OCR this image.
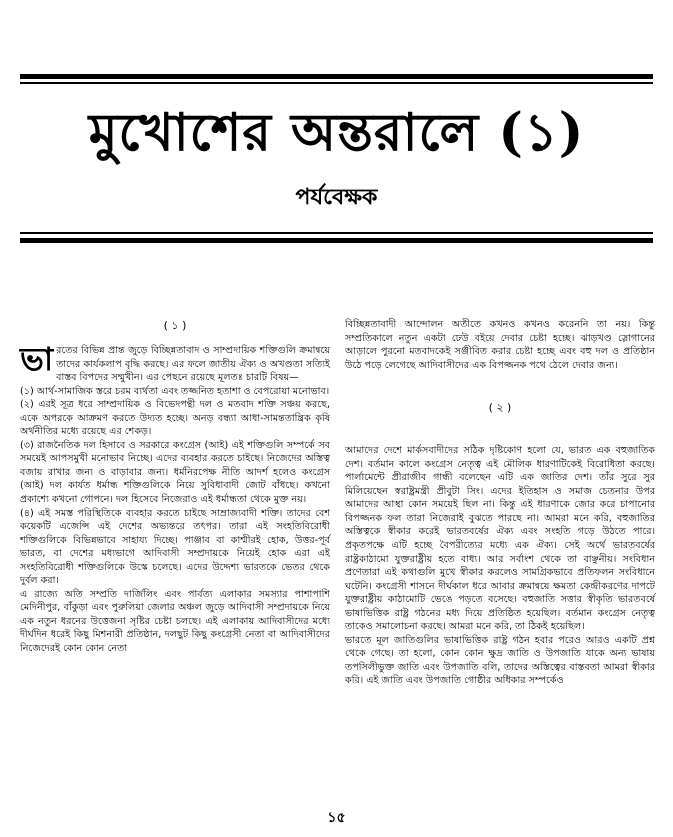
মুখোশের অন্তরালে (১)
পর্যবেক্ষক
( ১ )

ভারতের বিভিন্ন প্রান্ত জুড়ে বিচ্ছিন্নতাবাদ ও সাম্প্রদায়িক শক্তিগুলি ক্রমান্বয়ে তাদের কার্যকলাপ বৃদ্ধি করছে। এর ফলে জাতীয় ঐক্য ও অখণ্ডতা সত্যিই বাস্তব বিপদের সম্মুখীন। এর পেছনে রয়েছে মূলতঃ চারটি বিষয়—

(১) আর্থ-সামাজিক স্তরে চরম ব্যর্থতা এবং তজ্জনিত হতাশা ও বেপরোয়া মনোভাব।

(২) এরই সূত্র ধরে সাম্প্রদায়িক ও বিভেদপন্থী দল ও মতবাদ শক্তি সঞ্চয় করছে, একে অপরকে আক্রমণ করতে উদ্যত হচ্ছে। অনড় বন্ধ্যা আধা-সামন্ততান্ত্রিক কৃষি অর্থনীতির মধ্যে রয়েছে এর শেকড়।

(৩) রাজনৈতিক দল হিসাবে ও সরকারে কংগ্রেস (আই) এই শক্তিগুলি সম্পর্কে সব সময়েই আপসমুখী মনোভাব নিচ্ছে। এদের ব্যবহার করতে চাইছে। নিজেদের অস্তিত্ব বজায় রাখার জন্য ও বাড়াবার জন্য। ধর্মনিরপেক্ষ নীতি আদর্শ হলেও কংগ্রেস (আই) দল কার্যত ধর্মান্ধ শক্তিগুলিকে নিয়ে সুবিধাবাদী জোট বাঁধছে। কখনো প্রকাশ্যে কখনো গোপনে। দল হিসেবে নিজেরাও এই ধর্মান্ধতা থেকে মুক্ত নয়।

(৪) এই সমস্ত পরিস্থিতিকে ব্যবহার করতে চাইছে সাম্রাজ্যবাদী শক্তি। তাদের বেশ কয়েকটি এজেন্সি এই দেশের অভ্যন্তরে তৎপর। তারা এই সংহতিবিরোধী শক্তিগুলিকে বিভিন্নভাবে সাহায্য দিচ্ছে। পাঞ্জাব বা কাশ্মীরই হোক, উত্তর-পূর্ব ভারত, বা দেশের মধ্যভাগে আদিবাসী সম্প্রদায়কে নিয়েই হোক এরা এই সংহতিবিরোধী শক্তিগুলিকে উস্কে চলেছে। এদের উদ্দেশ্য ভারতকে ভেতর থেকে দুর্বল করা।

এ রাজ্যে অতি সম্প্রতি দার্জিলিং এবং পার্বত্য এলাকার সমস্যার পাশাপাশি মেদিনীপুর, বাঁকুড়া এবং পুরুলিয়া জেলার অঞ্চল জুড়ে আদিবাসী সম্প্রদায়কে নিয়ে এক নতুন ধরনের উত্তেজনা সৃষ্টির চেষ্টা চলছে। এই এলাকায় আদিবাসীদের মধ্যে দীর্ঘদিন ধরেই কিছু মিশনারী প্রতিষ্ঠান, দলছুট কিছু কংগ্রেসী নেতা বা আদিবাসীদের নিজেদেরই কোন কোন নেতা

বিচ্ছিন্নতাবাদী আন্দোলন অতীতে কখনও কখনও করেননি তা নয়। কিন্তু সম্প্রতিকালে নতুন একটা ঢেউ বইয়ে দেবার চেষ্টা হচ্ছে। ঝাড়খণ্ড স্লোগানের আড়ালে পুরনো মতবাদকেই সঞ্জীবিত করার চেষ্টা হচ্ছে এবং বহু দল ও প্রতিষ্ঠান উঠে পড়ে লেগেছে আদিবাসীদের এক বিপজ্জনক পথে ঠেলে দেবার জন্য।

( ২ )

আমাদের দেশে মার্কসবাদীদের সঠিক দৃষ্টিকোণ হলো যে, ভারত এক বহুজাতিক দেশ। বর্তমান কালে কংগ্রেস নেতৃত্ব এই মৌলিক ধারণাটিকেই বিরোধিতা করছে। পার্লামেন্টে প্রীরাজীব গান্ধী বলেছেন এটি এক জাতির দেশ। তাঁর সুরে সুর মিলিয়েছেন স্বরাষ্ট্রমন্ত্রী প্রীবুটা সিং। এদের ইতিহাস ও সমাজ চেতনার উপর আমাদের আস্থা কোন সময়েই ছিল না। কিন্তু এই ধারণাকে জোর করে চাপানোর বিপজ্জনক ফল তারা নিজেরাই বুঝতে পারছে না। আমরা মনে করি, বহুজাতির অস্তিত্বকে স্বীকার করেই ভারতবর্ষের ঐক্য এবং সংহতি গড়ে উঠতে পারে। প্রকৃতপক্ষে এটি হচ্ছে বৈপরীত্যের মধ্যে এক ঐক্য। সেই অর্থে ভারতবর্ষের রাষ্ট্রকাঠামো যুক্তরাষ্ট্রীয় হতে বাধ্য। আর সর্বাংশ থেকে তা বাঞ্ছনীয়। সংবিধান প্রণেতারা এই কথাগুলি মুখে স্বীকার করলেও সামগ্রিকভাবে প্রতিফলন সংবিধানে ঘটেনি। কংগ্রেসী শাসনে দীর্ঘকাল ধরে আবার ক্রমান্বয়ে ক্ষমতা কেন্দ্রীকরণের দাপটে যুক্তরাষ্ট্রীয় কাঠামোটি ভেঙে পড়তে বসেছে। বহুজাতি সত্তার স্বীকৃতি ভারতবর্ষে ভাষাভিত্তিক রাষ্ট্র গঠনের মধ্য দিয়ে প্রতিষ্ঠিত হয়েছিল। বর্তমান কংগ্রেস নেতৃত্ব তাকেও সমালোচনা করছে। আমরা মনে করি, তা ঠিকই হয়েছিল।

ভারতে মূল জাতিগুলির ভাষাভিত্তিক রাষ্ট্র গঠন হবার পরেও আরও একটি প্রশ্ন থেকে গেছে। তা হলো, কোন কোন ক্ষুদ্র জাতি ও উপজাতি যাকে অন্য ভাষায় তপসিলীভুক্ত জাতি এবং উপজাতি বলি, তাদের অস্তিত্বের বাস্তবতা আমরা স্বীকার করি। এই জাতি এবং উপজাতি গোষ্ঠীর অধিকার সম্পর্কেও

১৫
